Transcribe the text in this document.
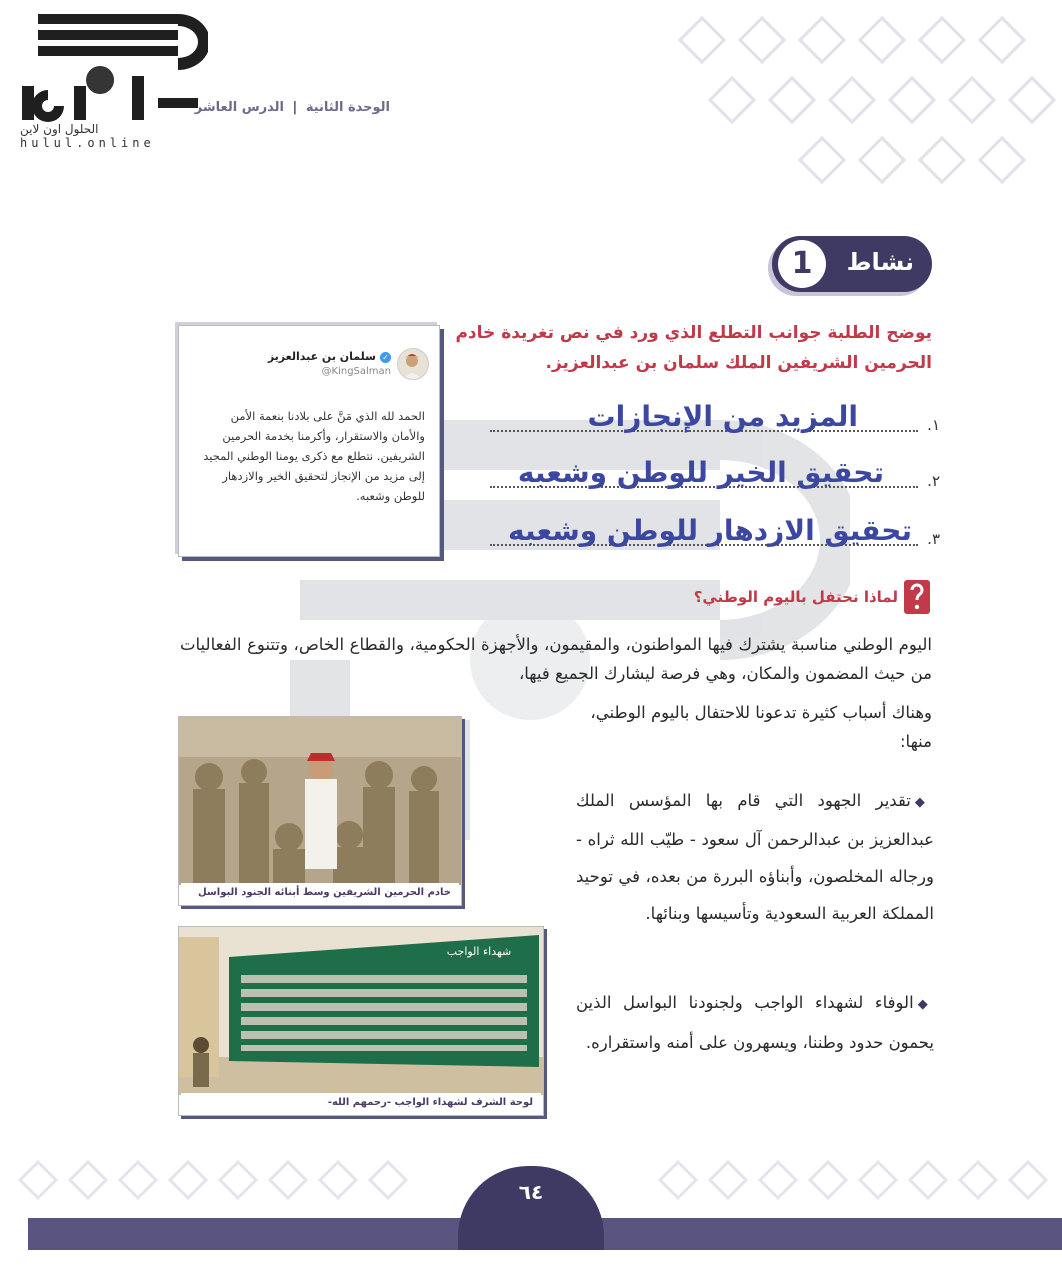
الحلول اون لاين
hulul.online
الوحدة الثانية | الدرس العاشر
نشاط
1
يوضح الطلبة جوانب التطلع الذي ورد في نص تغريدة خادم الحرمين الشريفين الملك سلمان بن عبدالعزيز.
١.
المزيد من الإنجازات
٢.
تحقيق الخير للوطن وشعبه
٣.
تحقيق الازدهار للوطن وشعبه
✓سلمان بن عبدالعزيز
@KingSalman
الحمد لله الذي مَنَّ على بلادنا بنعمة الأمن والأمان والاستقرار، وأكرمنا بخدمة الحرمين الشريفين. نتطلع مع ذكرى يومنا الوطني المجيد إلى مزيد من الإنجاز لتحقيق الخير والازدهار للوطن وشعبه.
لماذا نحتفل باليوم الوطني؟
اليوم الوطني مناسبة يشترك فيها المواطنون، والمقيمون، والأجهزة الحكومية، والقطاع الخاص، وتتنوع الفعاليات من حيث المضمون والمكان، وهي فرصة ليشارك الجميع فيها،
وهناك أسباب كثيرة تدعونا للاحتفال باليوم الوطني، منها:
◆تقدير الجهود التي قام بها المؤسس الملك عبدالعزيز بن عبدالرحمن آل سعود - طيّب الله ثراه - ورجاله المخلصون، وأبناؤه البررة من بعده، في توحيد المملكة العربية السعودية وتأسيسها وبنائها.
◆الوفاء لشهداء الواجب ولجنودنا البواسل الذين يحمون حدود وطننا، ويسهرون على أمنه واستقراره.
خادم الحرمين الشريفين وسط أبنائه الجنود البواسل
شهداء الواجب
لوحة الشرف لشهداء الواجب -رحمهم الله-
٦٤
